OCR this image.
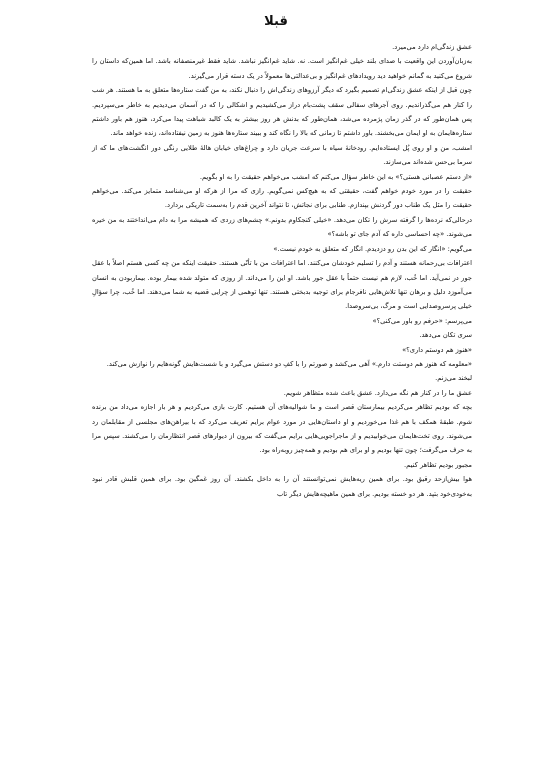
قبلا

عشق زندگی‌ام دارد می‌میرد.

به‌زبان‌آوردن این واقعیت با صدای بلند خیلی غم‌انگیز است. نه. شاید غم‌انگیز نباشد. شاید فقط غیرمنصفانه باشد. اما همین‌که داستان را شروع می‌کنید به گمانم خواهید دید رویدادهای غم‌انگیز و بی‌عدالتی‌ها معمولاً در یک دسته قرار می‌گیرند.

چون قبل از اینکه عشق زندگی‌ام تصمیم بگیرد که دیگر آرزوهای زندگی‌اش را دنبال نکند، به من گفت ستاره‌ها متعلق به ما هستند. هر شب را کنار هم می‌گذراندیم. روی آجرهای سفالی سقف پشت‌بام دراز می‌کشیدیم و اشکالی را که در آسمان می‌دیدیم به خاطر می‌سپردیم. پس همان‌طور که در گذر زمان پژمرده می‌شد، همان‌طور که بدنش هر روز بیشتر به یک کالبد شباهت پیدا می‌کرد، هنوز هم باور داشتم ستاره‌هایمان به او ایمان می‌بخشند. باور داشتم تا زمانی که بالا را نگاه کند و ببیند ستاره‌ها هنوز به زمین نیفتاده‌اند، زنده خواهد ماند.

امشب، من و او روی پُل ایستاده‌ایم. رودخانهٔ سیاه با سرعت جریان دارد و چراغ‌های خیابان هالهٔ طلایی رنگی دور انگشت‌های ما که از سرما بی‌حس شده‌اند می‌سازند.

«از دستم عصبانی هستی؟» به این خاطر سؤال می‌کنم که امشب می‌خواهم حقیقت را به او بگویم.

حقیقت را در مورد خودم خواهم گفت، حقیقتی که به هیچ‌کس نمی‌گویم. رازی که مرا از هرکه او می‌شناسد متمایز می‌کند. می‌خواهم حقیقت را مثل یک طناب دور گردنش بپندازم. طنابی برای نجاتش، تا نتواند آخرین قدم را به‌سمت تاریکی بردارد.

درحالی‌که نرده‌ها را گرفته سرش را تکان می‌دهد. «خیلی کنجکاوم بدونم.» چشم‌های زردی که همیشه مرا به دام می‌انداختند به من خیره می‌شوند. «چه احساسی داره که آدم جای تو باشه؟»

می‌گویم: «انگار که این بدن رو دزدیدم. انگار که متعلق به خودم نیست.»

اعترافات بی‌رحمانه هستند و آدم را تسلیم خودشان می‌کنند. اما اعترافات من با تأنّی هستند. حقیقت اینکه من چه کسی هستم اصلاً با عقل جور در نمی‌آید. اما خُب، لازم هم نیست حتماً با عقل جور باشد. او این را می‌داند. از روزی که متولد شده بیمار بوده. بیماربودن به انسان می‌آموزد دلیل و برهان تنها تلاش‌هایی نافرجام برای توجیه بدبختی هستند. تنها توهمی از چرایی قضیه به شما می‌دهند. اما خُب، چرا سؤالِ خیلی پرسروصدایی است و مرگ، بی‌سروصدا.

می‌پرسم: «حرفم رو باور می‌کنی؟»

سری تکان می‌دهد.

«هنوز هم دوستم داری؟»

«معلومه که هنوز هم دوستت دارم.» آهی می‌کشد و صورتم را با کفِ دو دستش می‌گیرد و با شست‌هایش گونه‌هایم را نوازش می‌کند.

لبخند می‌زنم.

عشق ما را در کنار هم نگه می‌دارد. عشق باعث شده متظاهر شویم.

بچه که بودیم تظاهر می‌کردیم بیمارستان قصر است و ما شوالیه‌های آن هستیم. کارت بازی می‌کردیم و هر بار اجازه می‌داد من برنده شوم. طبقهٔ همکف با هم غذا می‌خوردیم و او داستان‌هایی در مورد عوام برایم تعریف می‌کرد که با بیراهن‌های مجلسی از مقابلمان رد می‌شوند. روی تخت‌هایمان می‌خوابیدیم و از ماجراجویی‌هایی برایم می‌گفت که بیرون از دیوارهای قصر انتظارمان را می‌کشند. سپس مرا به حرف می‌گرفت؛ چون تنها بودیم و او برای هم بودیم و همه‌چیز روبه‌راه بود.

مجبور بودیم تظاهر کنیم.

هوا بیش‌ازحد رقیق بود. برای همین ریه‌هایش نمی‌توانستند آن را به داخل بکشند. آن روز غمگین بود. برای همین قلبش قادر نبود به‌خودی‌خود بتپد. هر دو خسته بودیم. برای همین ماهیچه‌هایش دیگر تاب
